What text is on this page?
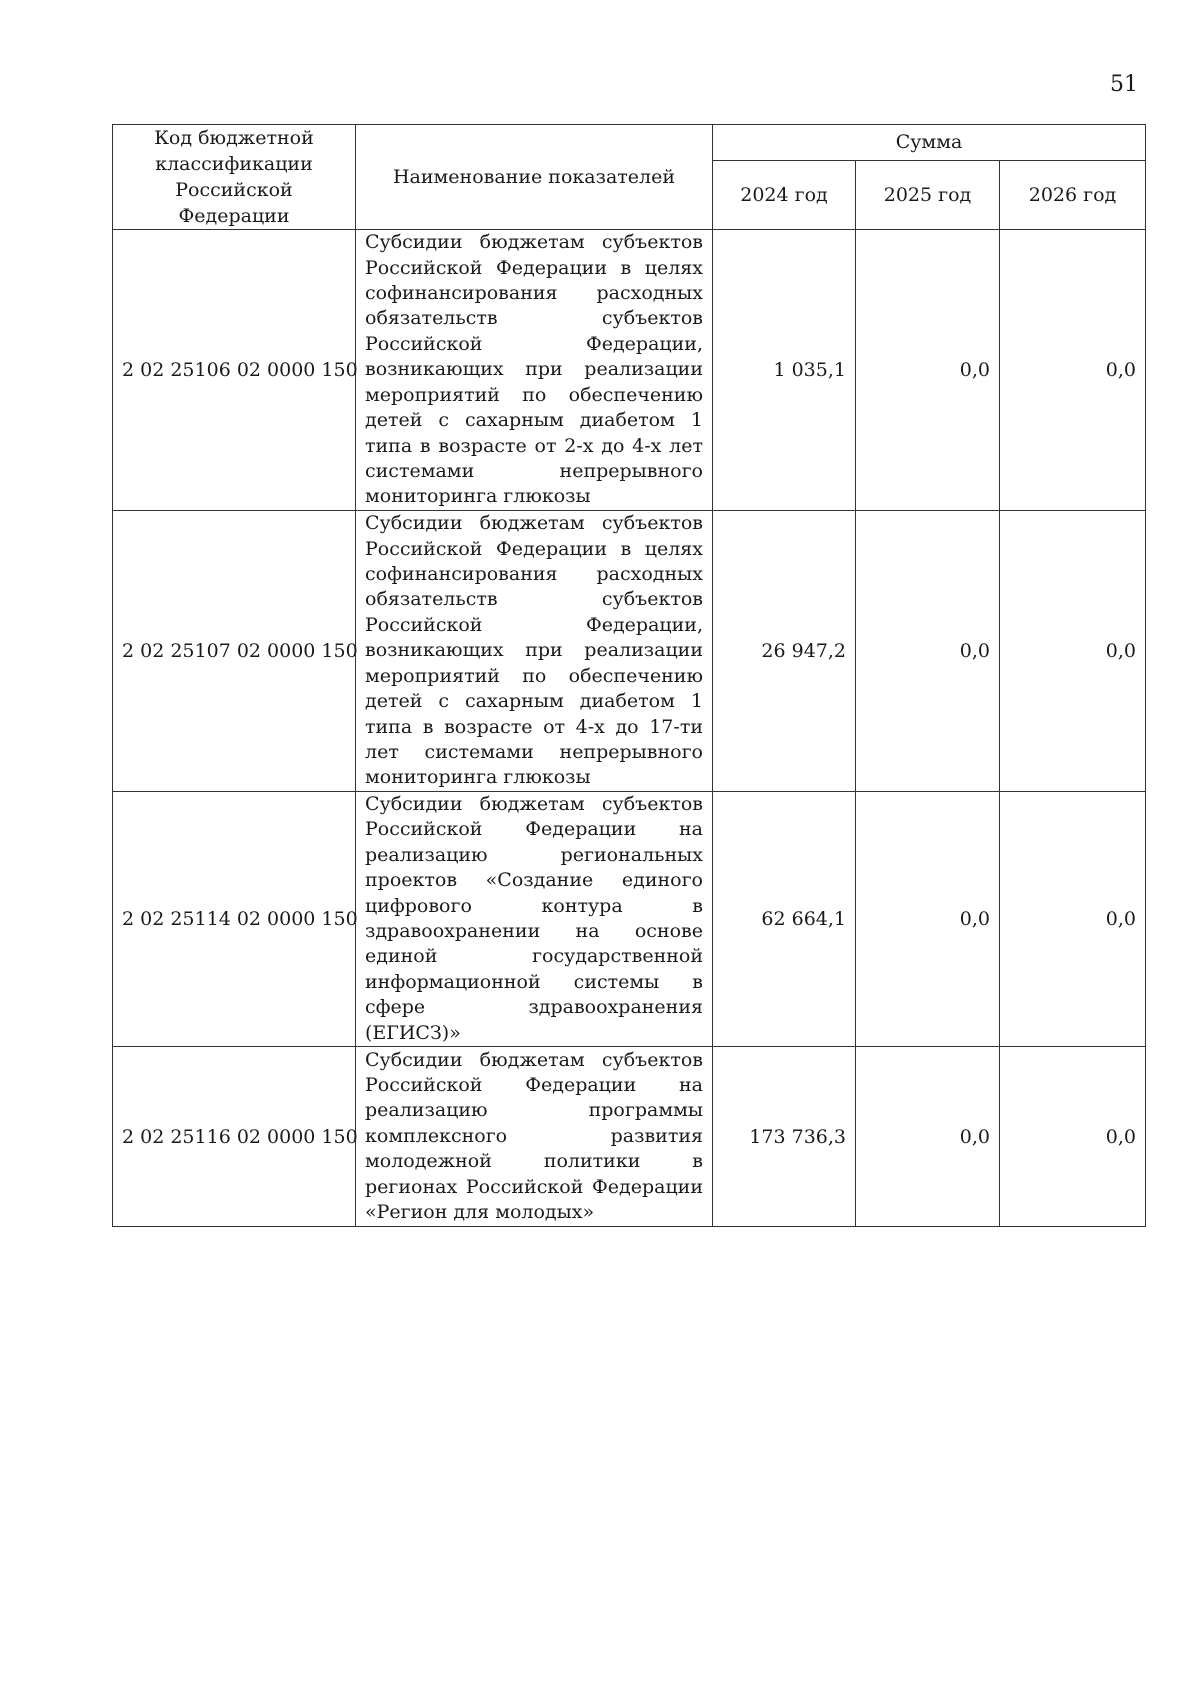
51
Код бюджетной классификации Российской Федерации	Наименование показателей	Сумма		
		2024 год	2025 год	2026 год
2 02 25106 02 0000 150	Субсидии бюджетам субъектов Российской Федерации в целях софинансирования расходных обязательств субъектов Российской Федерации, возникающих при реализации мероприятий по обеспечению детей с сахарным диабетом 1 типа в возрасте от 2-х до 4-х лет системами непрерывного мониторинга глюкозы	1 035,1	0,0	0,0
2 02 25107 02 0000 150	Субсидии бюджетам субъектов Российской Федерации в целях софинансирования расходных обязательств субъектов Российской Федерации, возникающих при реализации мероприятий по обеспечению детей с сахарным диабетом 1 типа в возрасте от 4-х до 17-ти лет системами непрерывного мониторинга глюкозы	26 947,2	0,0	0,0
2 02 25114 02 0000 150	Субсидии бюджетам субъектов Российской Федерации на реализацию региональных проектов «Создание единого цифрового контура в здравоохранении на основе единой государственной информационной системы в сфере здравоохранения (ЕГИСЗ)»	62 664,1	0,0	0,0
2 02 25116 02 0000 150	Субсидии бюджетам субъектов Российской Федерации на реализацию программы комплексного развития молодежной политики в регионах Российской Федерации «Регион для молодых»	173 736,3	0,0	0,0
